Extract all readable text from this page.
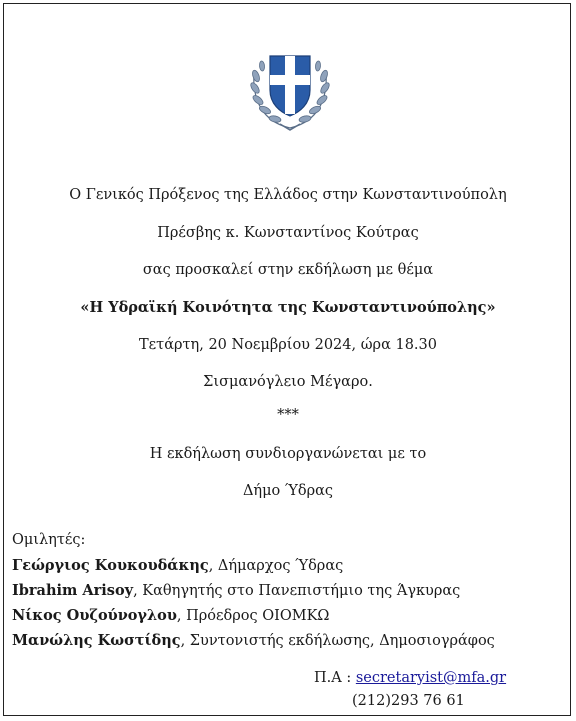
Ο Γενικός Πρόξενος της Ελλάδος στην Κωνσταντινούπολη
Πρέσβης κ. Κωνσταντίνος Κούτρας
σας προσκαλεί στην εκδήλωση με θέμα
«Η Υδραϊκή Κοινότητα της Κωνσταντινούπολης»
Τετάρτη, 20 Νοεμβρίου 2024, ώρα 18.30
Σισμανόγλειο Μέγαρο.
***
Η εκδήλωση συνδιοργανώνεται με το
Δήμο Ύδρας
Ομιλητές:
Γεώργιος Κουκουδάκης, Δήμαρχος Ύδρας
Ibrahim Arisoy, Καθηγητής στο Πανεπιστήμιο της Άγκυρας
Νίκος Ουζούνογλου, Πρόεδρος ΟΙΟΜΚΩ
Μανώλης Κωστίδης, Συντονιστής εκδήλωσης, Δημοσιογράφος
Π.Α : secretaryist@mfa.gr
(212)293 76 61
